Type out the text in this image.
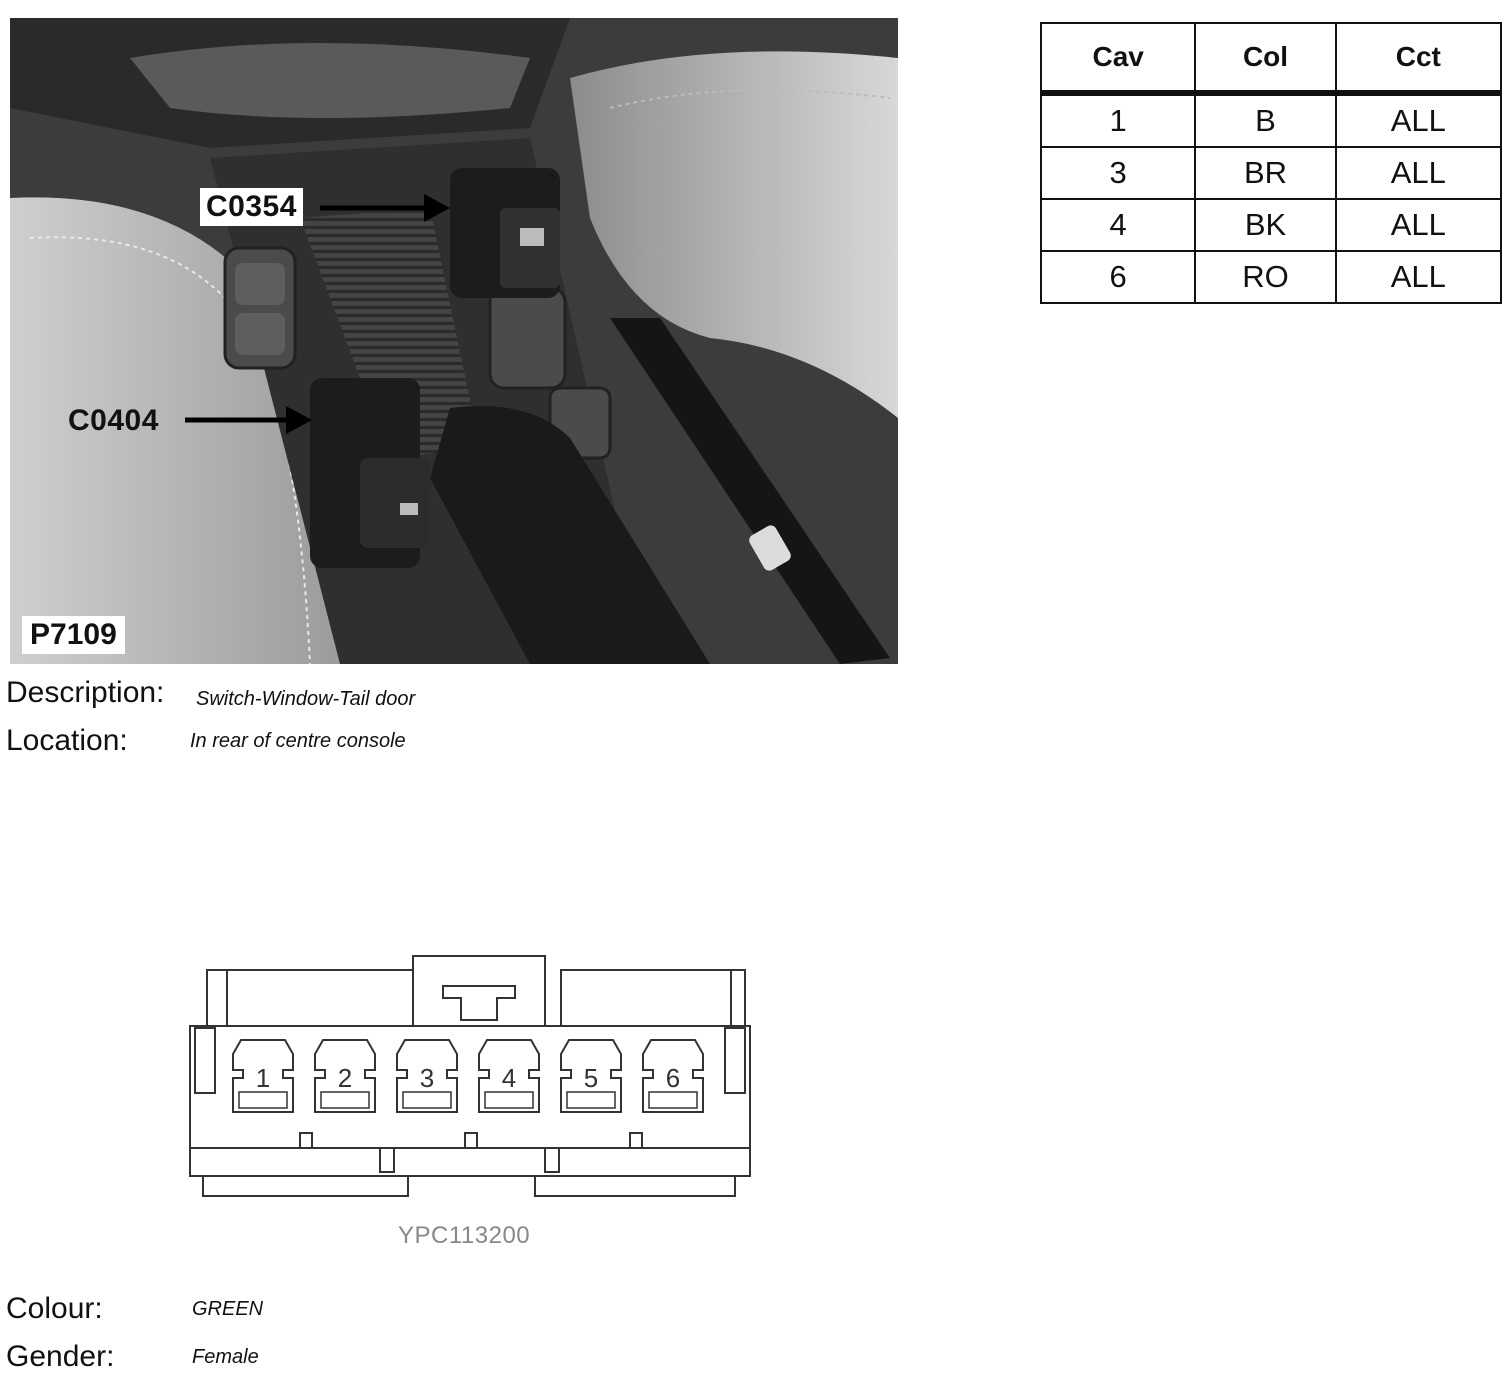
C0354
C0404
P7109
Description: Switch-Window-Tail door
Location:	In rear of centre console
Cav	Col	Cct
1	B	ALL
3	BR	ALL
4	BK	ALL
6	RO	ALL
1	2	3	4	5	6
YPC113200
Colour:	GREEN
Gender:	Female
